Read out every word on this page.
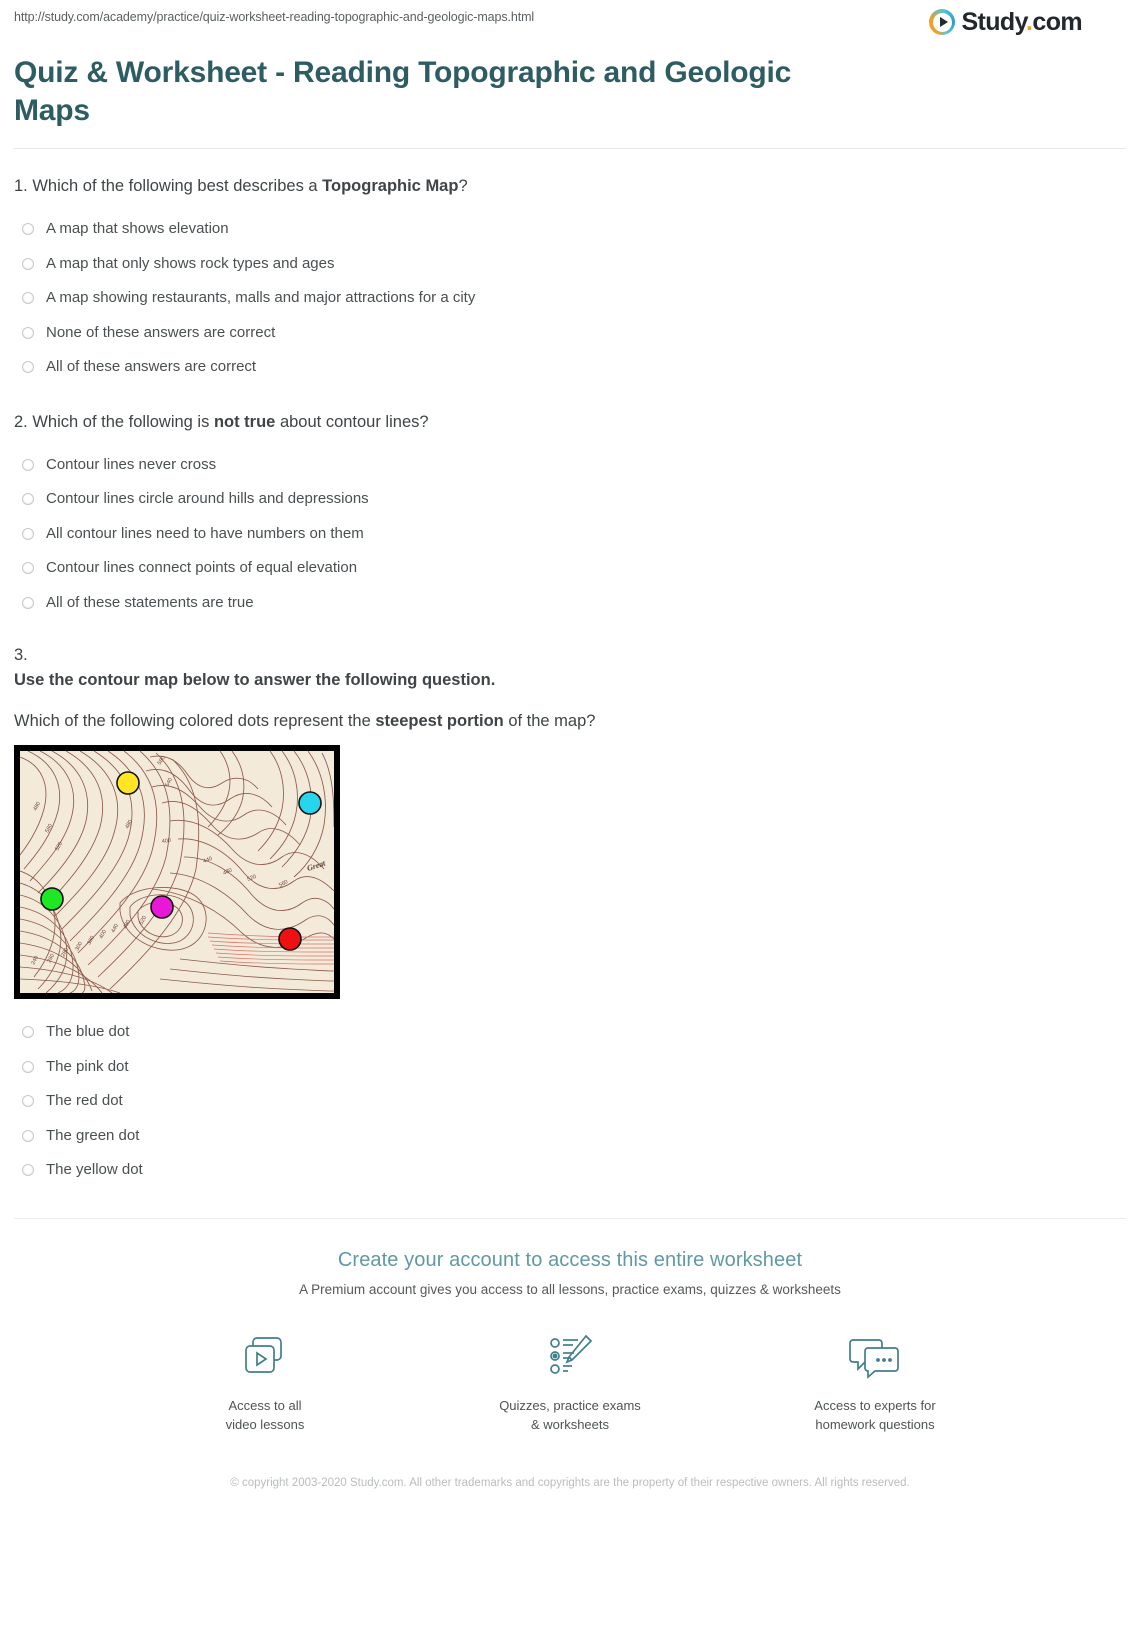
http://study.com/academy/practice/quiz-worksheet-reading-topographic-and-geologic-maps.html	Study.com
Quiz & Worksheet - Reading Topographic and Geologic Maps

1. Which of the following best describes a Topographic Map?

A map that shows elevation
A map that only shows rock types and ages
A map showing restaurants, malls and major attractions for a city
None of these answers are correct
All of these answers are correct

2. Which of the following is not true about contour lines?

Contour lines never cross
Contour lines circle around hills and depressions
All contour lines need to have numbers on them
Contour lines connect points of equal elevation
All of these statements are true

3.

Use the contour map below to answer the following question.

Which of the following colored dots represent the steepest portion of the map?

480
560
520
480
580
540
400
440
480
520
560
240 260
280
300
360
400
440 480 520
Great
The blue dot
The pink dot
The red dot
The green dot
The yellow dot

Create your account to access this entire worksheet

A Premium account gives you access to all lessons, practice exams, quizzes & worksheets

Access to all
video lessons
Quizzes, practice exams
& worksheets
Access to experts for
homework questions

© copyright 2003-2020 Study.com. All other trademarks and copyrights are the property of their respective owners. All rights reserved.
